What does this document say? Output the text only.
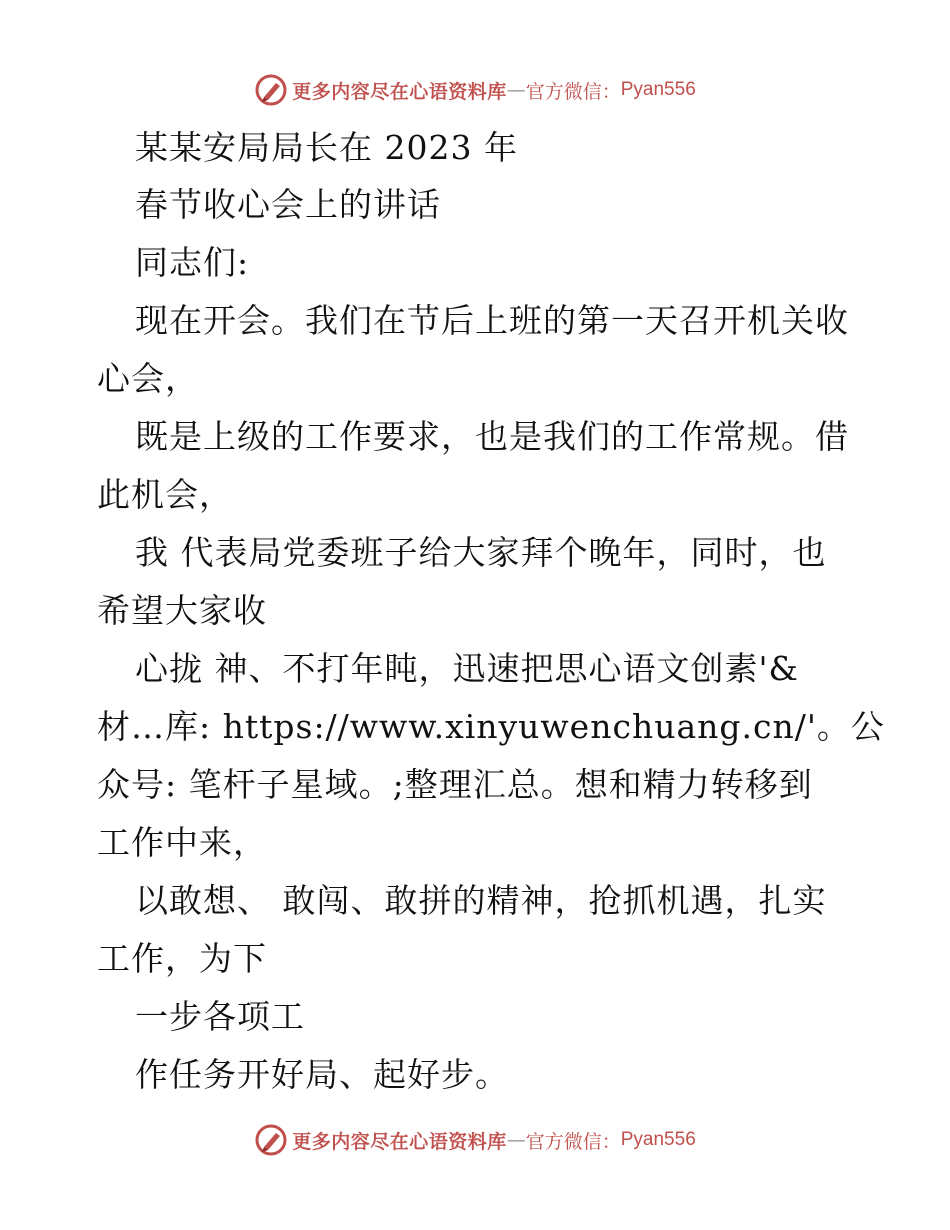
更多内容尽在心语资料库 — 官方微信： Pyan556
某某安局局长在 2023 年
春节收心会上的讲话
同志们:
现在开会。我们在节后上班的第一天召开机关收
心会，
既是上级的工作要求，也是我们的工作常规。借
此机会，
我 代表局党委班子给大家拜个晚年，同时，也
希望大家收
心拢 神、不打年盹，迅速把思心语文创素'&
材…库: https://www.xinyuwenchuang.cn/'。公
众号: 笔杆子星域。;整理汇总。想和精力转移到
工作中来，
以敢想、 敢闯、敢拼的精神，抢抓机遇，扎实
工作，为下
一步各项工
作任务开好局、起好步。
更多内容尽在心语资料库 — 官方微信： Pyan556
